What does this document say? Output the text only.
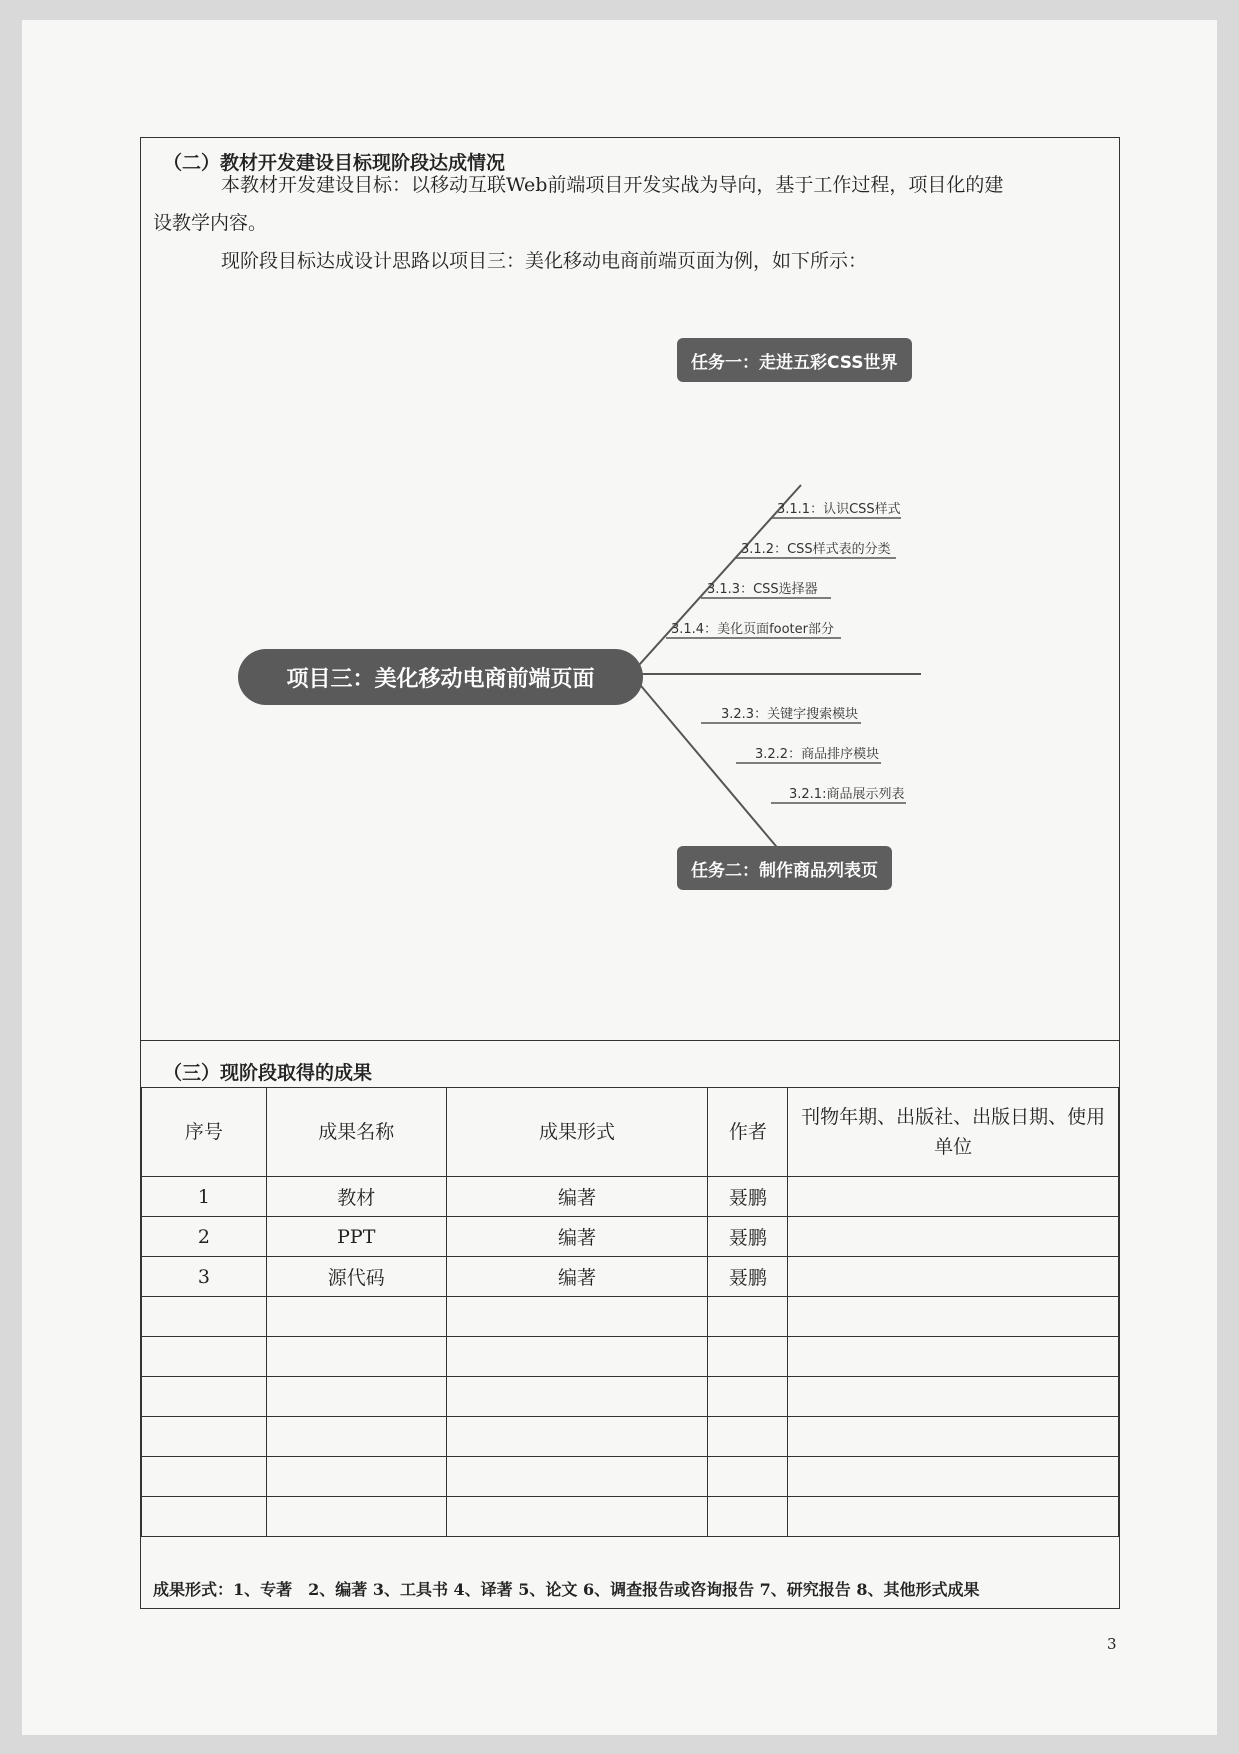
（二）教材开发建设目标现阶段达成情况
本教材开发建设目标：以移动互联Web前端项目开发实战为导向，基于工作过程，项目化的建
设教学内容。
现阶段目标达成设计思路以项目三：美化移动电商前端页面为例，如下所示：
项目三：美化移动电商前端页面
任务一：走进五彩CSS世界
3.1.1：认识CSS样式
3.1.2：CSS样式表的分类
3.1.3：CSS选择器
3.1.4：美化页面footer部分
3.2.3：关键字搜索模块
3.2.2：商品排序模块
3.2.1:商品展示列表
任务二：制作商品列表页
（三）现阶段取得的成果
序号	成果名称	成果形式	作者	刊物年期、出版社、出版日期、使用单位
1	教材	编著	聂鹏	
2	PPT	编著	聂鹏	
3	源代码	编著	聂鹏	

成果形式：1、专著　2、编著 3、工具书 4、译著 5、论文 6、调查报告或咨询报告 7、研究报告 8、其他形式成果
3
